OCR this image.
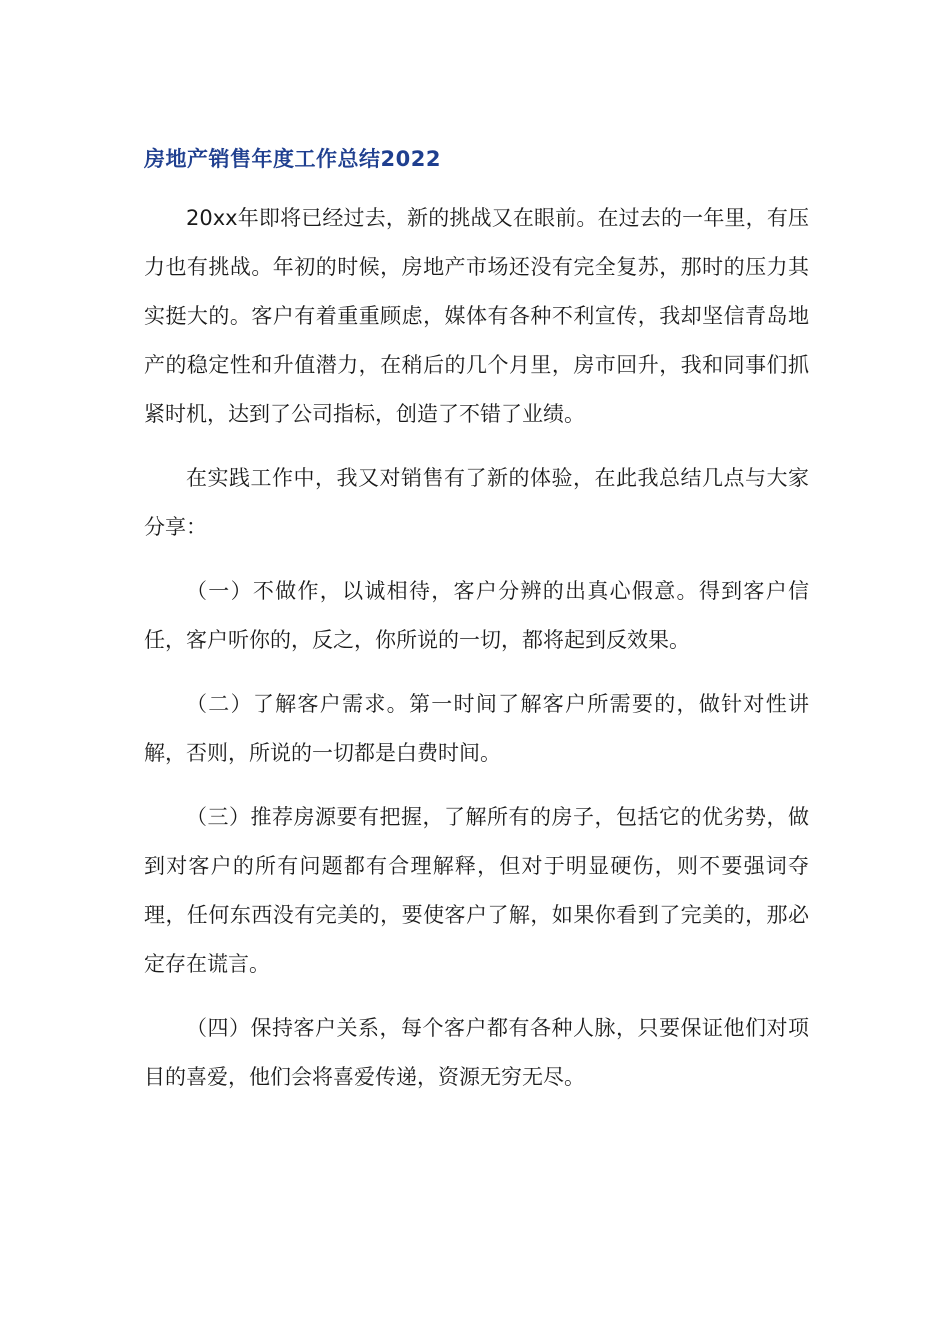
房地产销售年度工作总结2022

20xx年即将已经过去，新的挑战又在眼前。在过去的一年里，有压力也有挑战。年初的时候，房地产市场还没有完全复苏，那时的压力其实挺大的。客户有着重重顾虑，媒体有各种不利宣传，我却坚信青岛地产的稳定性和升值潜力，在稍后的几个月里，房市回升，我和同事们抓紧时机，达到了公司指标，创造了不错了业绩。

在实践工作中，我又对销售有了新的体验，在此我总结几点与大家分享：

（一）不做作，以诚相待，客户分辨的出真心假意。得到客户信任，客户听你的，反之，你所说的一切，都将起到反效果。

（二）了解客户需求。第一时间了解客户所需要的，做针对性讲解，否则，所说的一切都是白费时间。

（三）推荐房源要有把握，了解所有的房子，包括它的优劣势，做到对客户的所有问题都有合理解释，但对于明显硬伤，则不要强词夺理，任何东西没有完美的，要使客户了解，如果你看到了完美的，那必定存在谎言。

（四）保持客户关系，每个客户都有各种人脉，只要保证他们对项目的喜爱，他们会将喜爱传递，资源无穷无尽。
